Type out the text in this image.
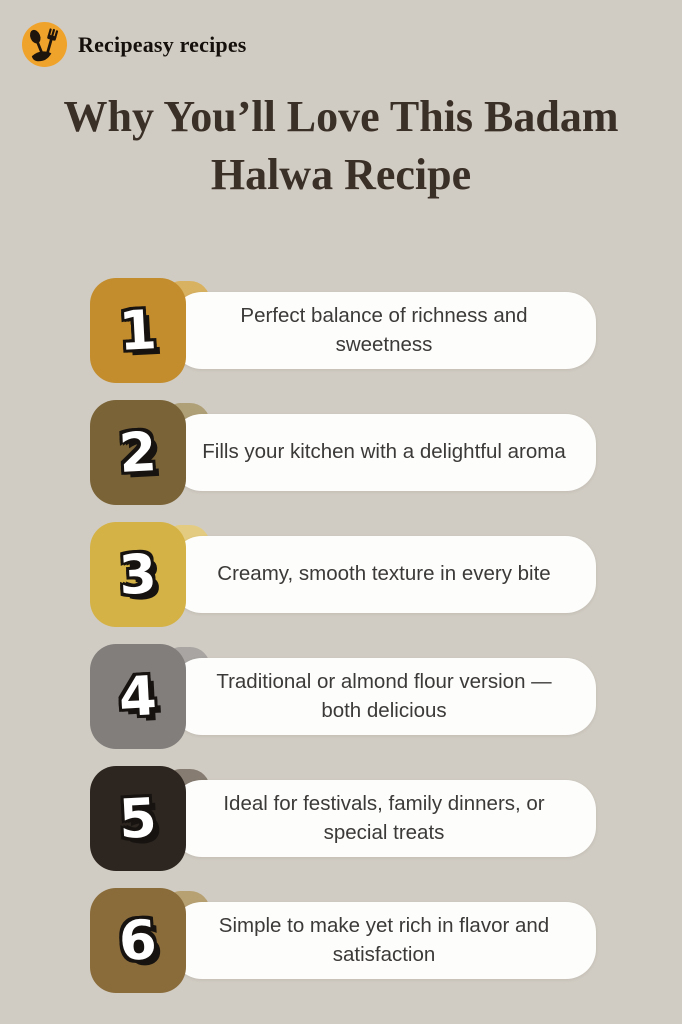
Recipeasy recipes
Why You’ll Love This Badam
Halwa Recipe
Perfect balance of richness and sweetness
1
Fills your kitchen with a delightful aroma
2
Creamy, smooth texture in every bite
3
Traditional or almond flour version — both delicious
4
Ideal for festivals, family dinners, or special treats
5
Simple to make yet rich in flavor and satisfaction
6
